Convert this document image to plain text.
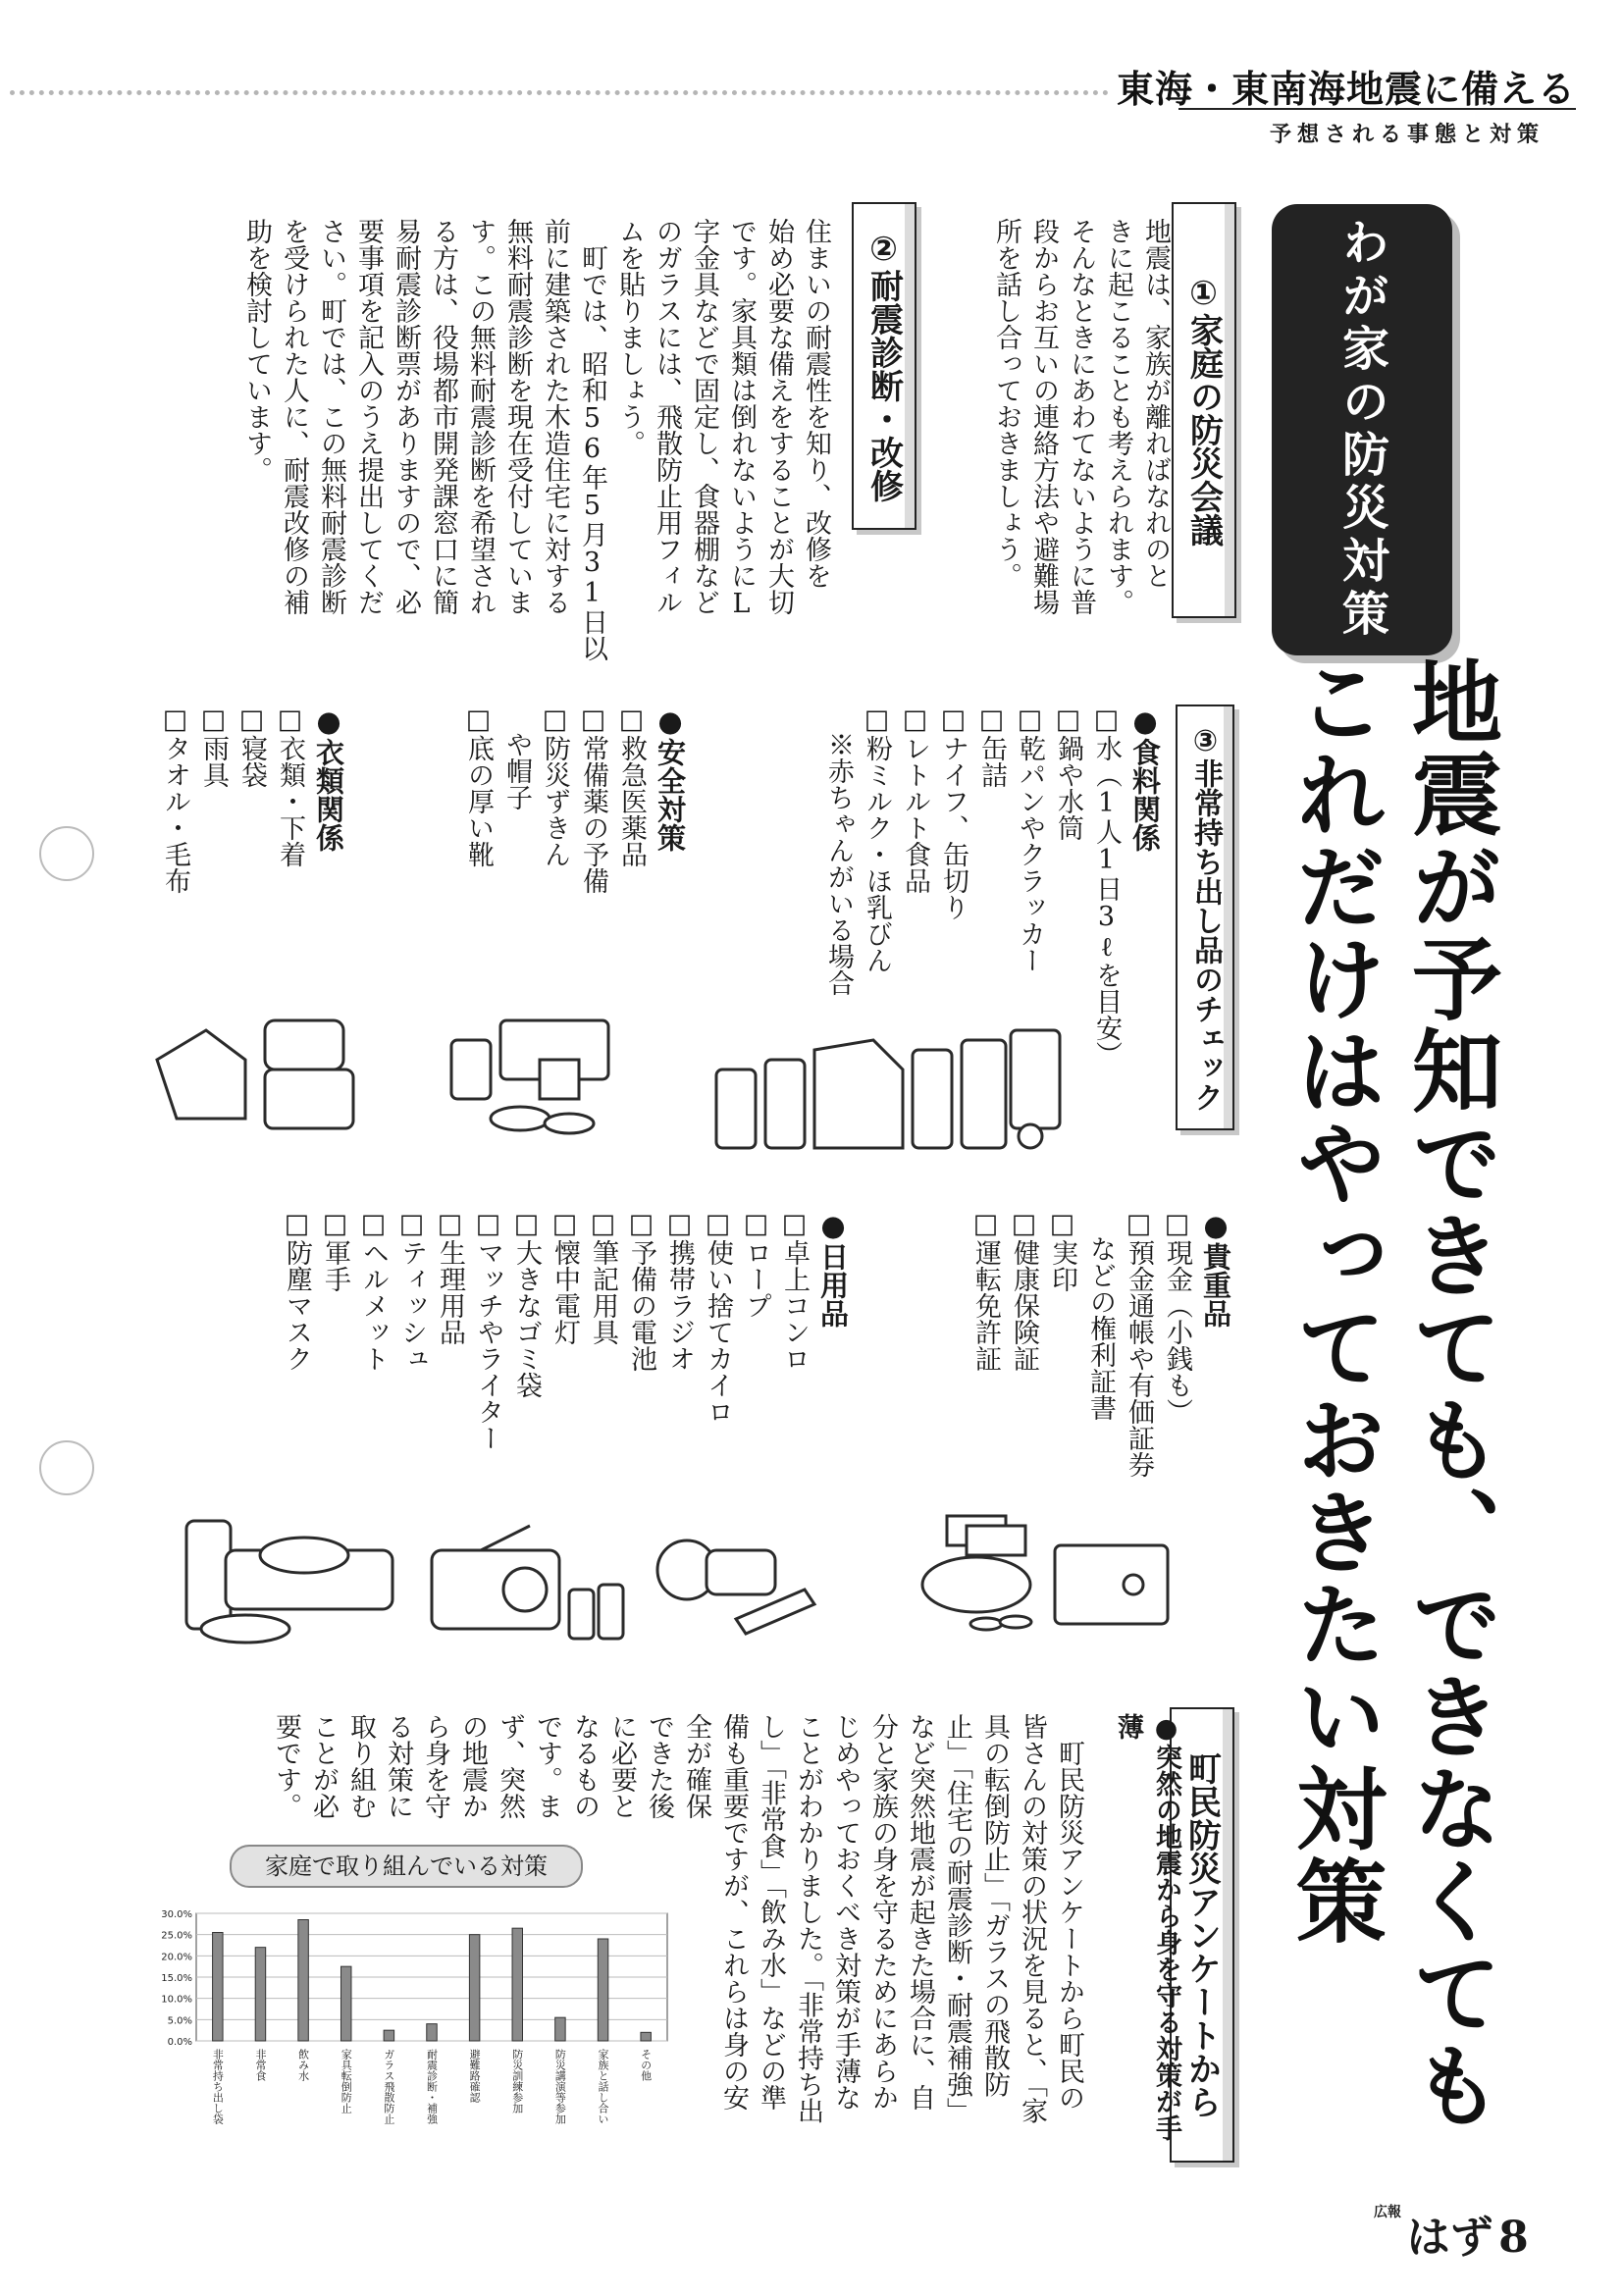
東海・東南海地震に備える
予想される事態と対策
わが家の防災対策
①家庭の防災会議
地震は、家族が離ればなれのと
きに起こることも考えられます。
そんなときにあわてないように普
段からお互いの連絡方法や避難場
所を話し合っておきましょう。
②耐震診断・改修
住まいの耐震性を知り、改修を
始め必要な備えをすることが大切
です。家具類は倒れないようにL
字金具などで固定し、食器棚など
のガラスには、飛散防止用フィル
ムを貼りましょう。
　町では、昭和56年5月31日以
前に建築された木造住宅に対する
無料耐震診断を現在受付していま
す。この無料耐震診断を希望され
る方は、役場都市開発課窓口に簡
易耐震診断票がありますので、必
要事項を記入のうえ提出してくだ
さい。町では、この無料耐震診断
を受けられた人に、耐震改修の補
助を検討しています。
地震が予知できても、できなくても
これだけはやっておきたい対策
③非常持ち出し品のチェック
●食料関係
□水（1人1日3ℓを目安）
□鍋や水筒
□乾パンやクラッカー
□缶詰
□ナイフ、缶切り
□レトルト食品
□粉ミルク・ほ乳びん
　※赤ちゃんがいる場合
●安全対策
□救急医薬品
□常備薬の予備
□防災ずきん
　や帽子
□底の厚い靴
●衣類関係
□衣類・下着
□寝袋
□雨具
□タオル・毛布
●貴重品
□現金（小銭も）
□預金通帳や有価証券
　などの権利証書
□実印
□健康保険証
□運転免許証
●日用品
□卓上コンロ
□ロープ
□使い捨てカイロ
□携帯ラジオ
□予備の電池
□筆記用具
□懐中電灯
□大きなゴミ袋
□マッチやライター
□生理用品
□ティッシュ
□ヘルメット
□軍手
□防塵マスク
町民防災アンケートから
●突然の地震から身を守る対策が手薄
　町民防災アンケートから町民の
皆さんの対策の状況を見ると、「家
具の転倒防止」「ガラスの飛散防
止」「住宅の耐震診断・耐震補強」
など突然地震が起きた場合に、自
分と家族の身を守るためにあらか
じめやっておくべき対策が手薄な
ことがわかりました。「非常持ち出
し」「非常食」「飲み水」などの準
備も重要ですが、これらは身の安
全が確保
できた後
に必要と
なるもの
です。ま
ず、突然
の地震か
ら身を守
る対策に
取り組む
ことが必
要です。
家庭で取り組んでいる対策
30.0%
25.0%
20.0%
15.0%
10.0%
5.0%
0.0%
非常持ち出し袋	非常食	飲み水	家具転倒防止	ガラス飛散防止	耐震診断・補強	避難路確認	防災訓練参加	防災講演等参加	家族と話し合い	その他
広報 はず 8
